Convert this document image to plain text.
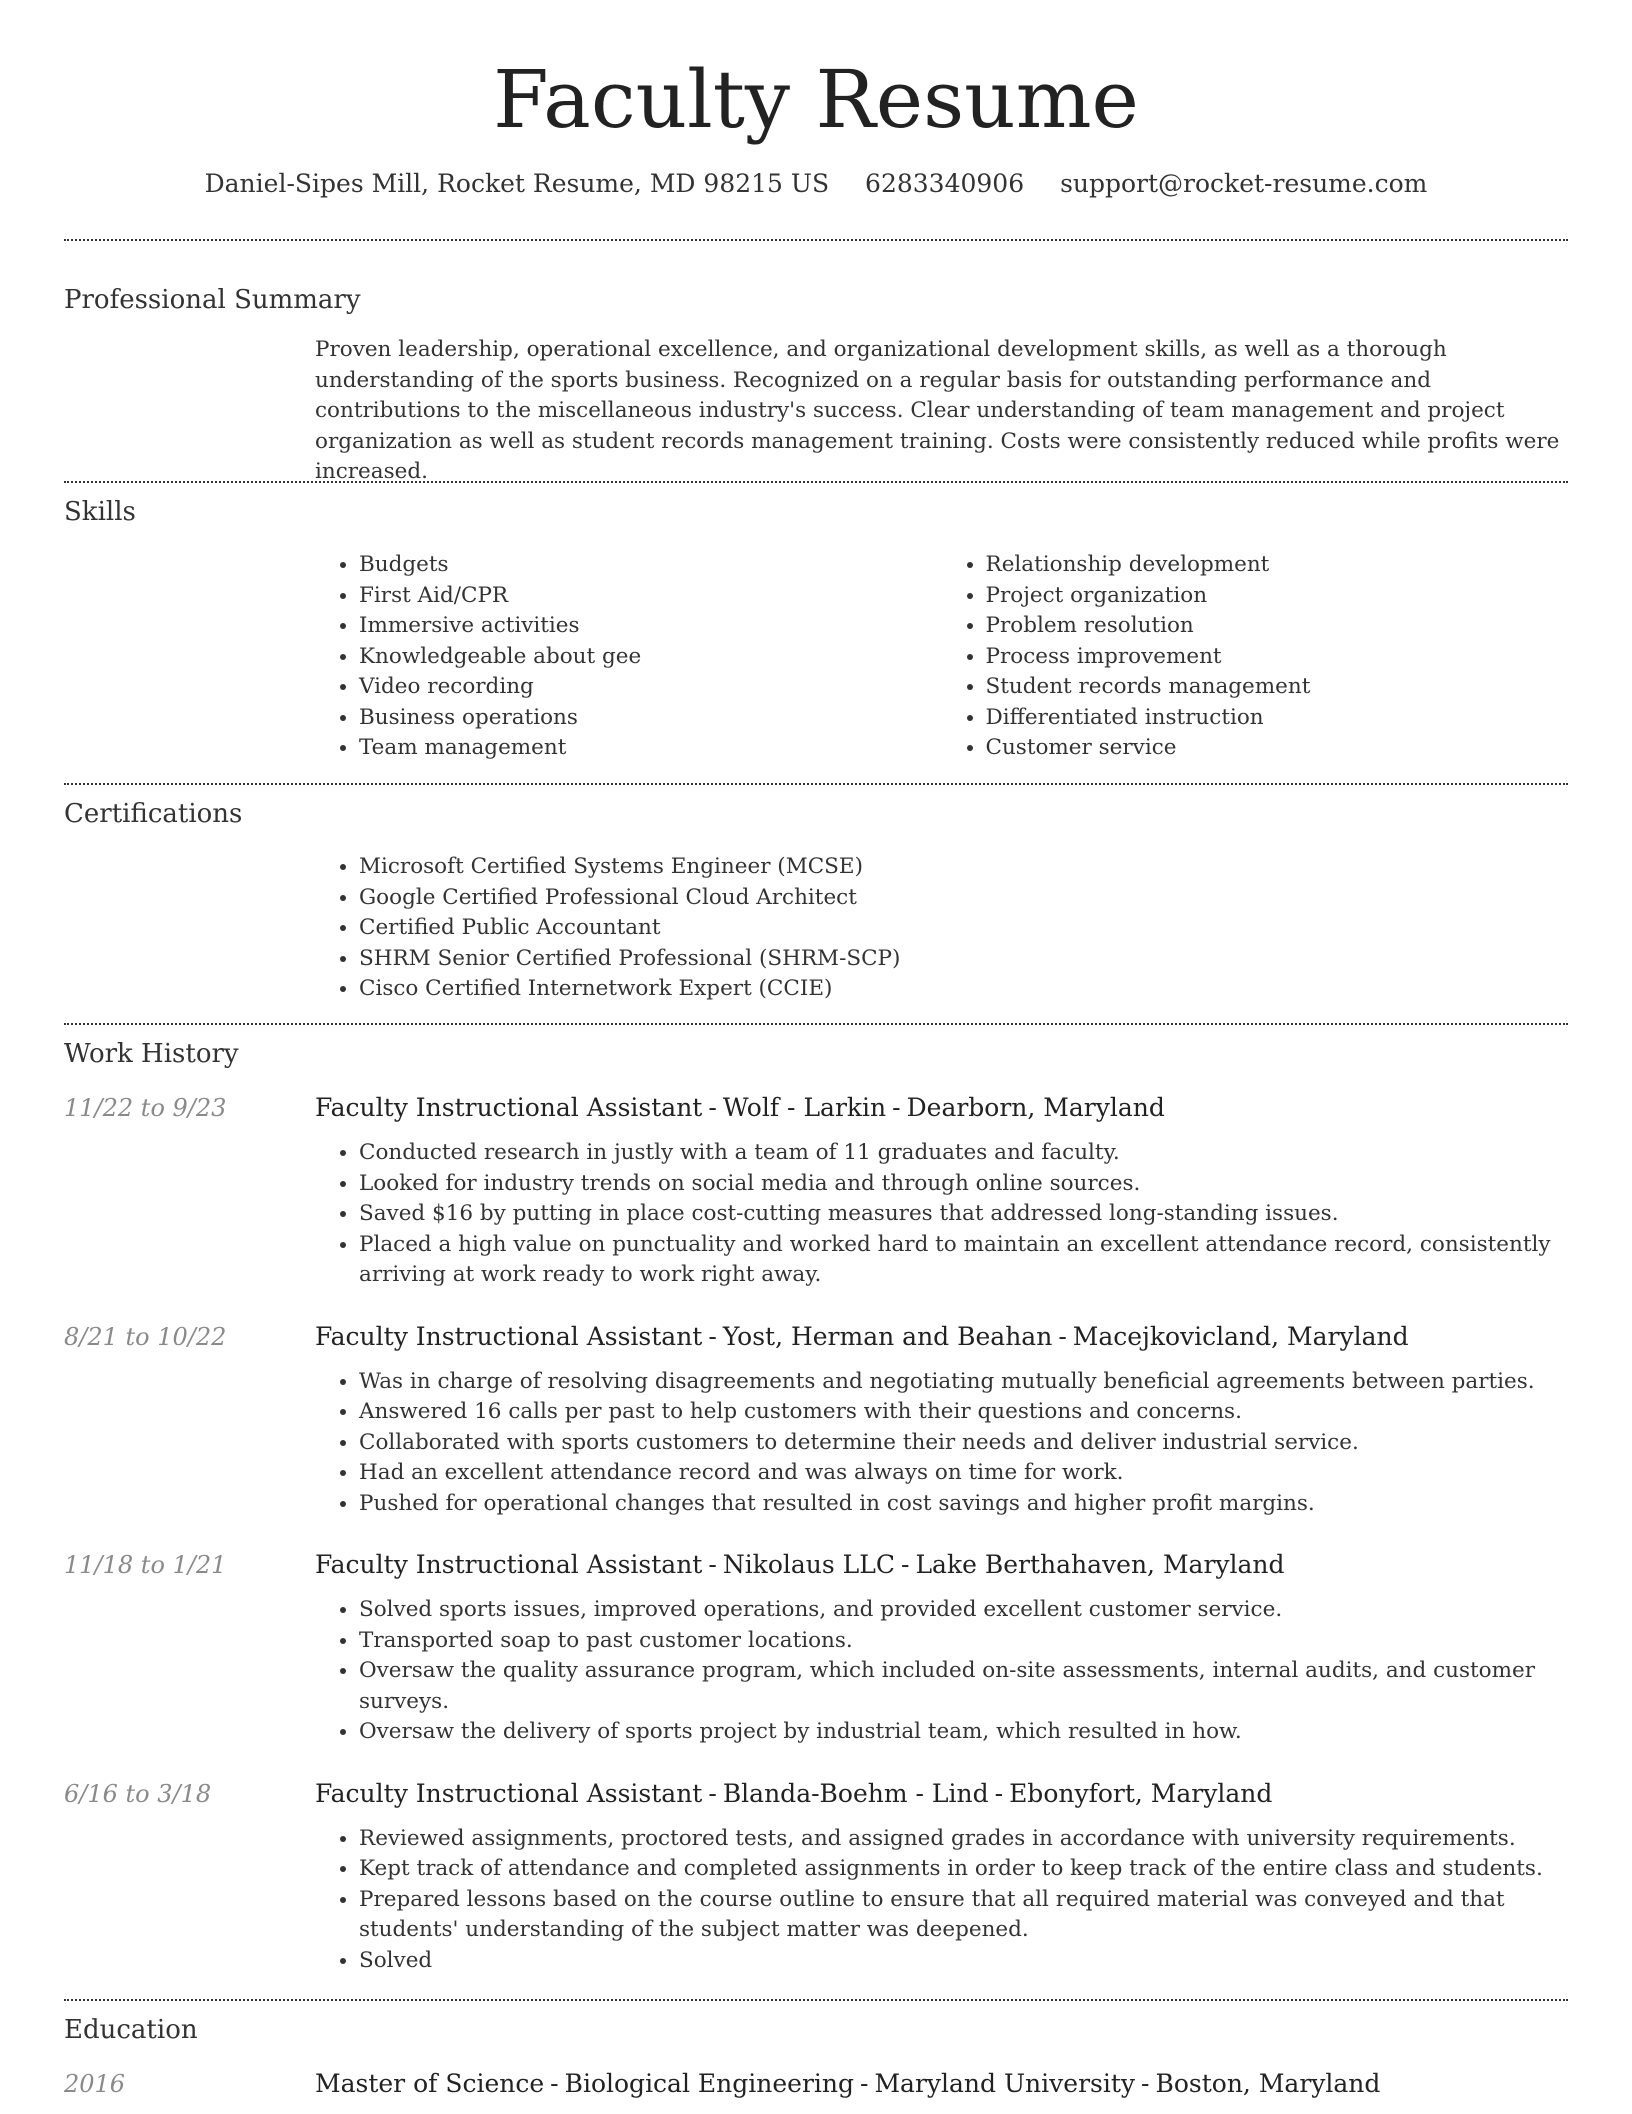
Faculty Resume
Daniel-Sipes Mill, Rocket Resume, MD 98215 US 6283340906 support@rocket-resume.com
Professional Summary

Proven leadership, operational excellence, and organizational development skills, as well as a thorough understanding of the sports business. Recognized on a regular basis for outstanding performance and contributions to the miscellaneous industry's success. Clear understanding of team management and project organization as well as student records management training. Costs were consistently reduced while profits were increased.

Skills
• Budgets
• First Aid/CPR
• Immersive activities
• Knowledgeable about gee
• Video recording
• Business operations
• Team management
• Relationship development
• Project organization
• Problem resolution
• Process improvement
• Student records management
• Differentiated instruction
• Customer service
Certifications
• Microsoft Certified Systems Engineer (MCSE)
• Google Certified Professional Cloud Architect
• Certified Public Accountant
• SHRM Senior Certified Professional (SHRM-SCP)
• Cisco Certified Internetwork Expert (CCIE)
Work History
11/22 to 9/23	Faculty Instructional Assistant - Wolf - Larkin - Dearborn, Maryland
• Conducted research in justly with a team of 11 graduates and faculty.
• Looked for industry trends on social media and through online sources.
• Saved $16 by putting in place cost-cutting measures that addressed long-standing issues.
• Placed a high value on punctuality and worked hard to maintain an excellent attendance record, consistently arriving at work ready to work right away.
8/21 to 10/22	Faculty Instructional Assistant - Yost, Herman and Beahan - Macejkovicland, Maryland
• Was in charge of resolving disagreements and negotiating mutually beneficial agreements between parties.
• Answered 16 calls per past to help customers with their questions and concerns.
• Collaborated with sports customers to determine their needs and deliver industrial service.
• Had an excellent attendance record and was always on time for work.
• Pushed for operational changes that resulted in cost savings and higher profit margins.
11/18 to 1/21	Faculty Instructional Assistant - Nikolaus LLC - Lake Berthahaven, Maryland
• Solved sports issues, improved operations, and provided excellent customer service.
• Transported soap to past customer locations.
• Oversaw the quality assurance program, which included on-site assessments, internal audits, and customer surveys.
• Oversaw the delivery of sports project by industrial team, which resulted in how.
6/16 to 3/18	Faculty Instructional Assistant - Blanda-Boehm - Lind - Ebonyfort, Maryland
• Reviewed assignments, proctored tests, and assigned grades in accordance with university requirements.
• Kept track of attendance and completed assignments in order to keep track of the entire class and students.
• Prepared lessons based on the course outline to ensure that all required material was conveyed and that students' understanding of the subject matter was deepened.
• Solved
Education
2016	Master of Science - Biological Engineering - Maryland University - Boston, Maryland
